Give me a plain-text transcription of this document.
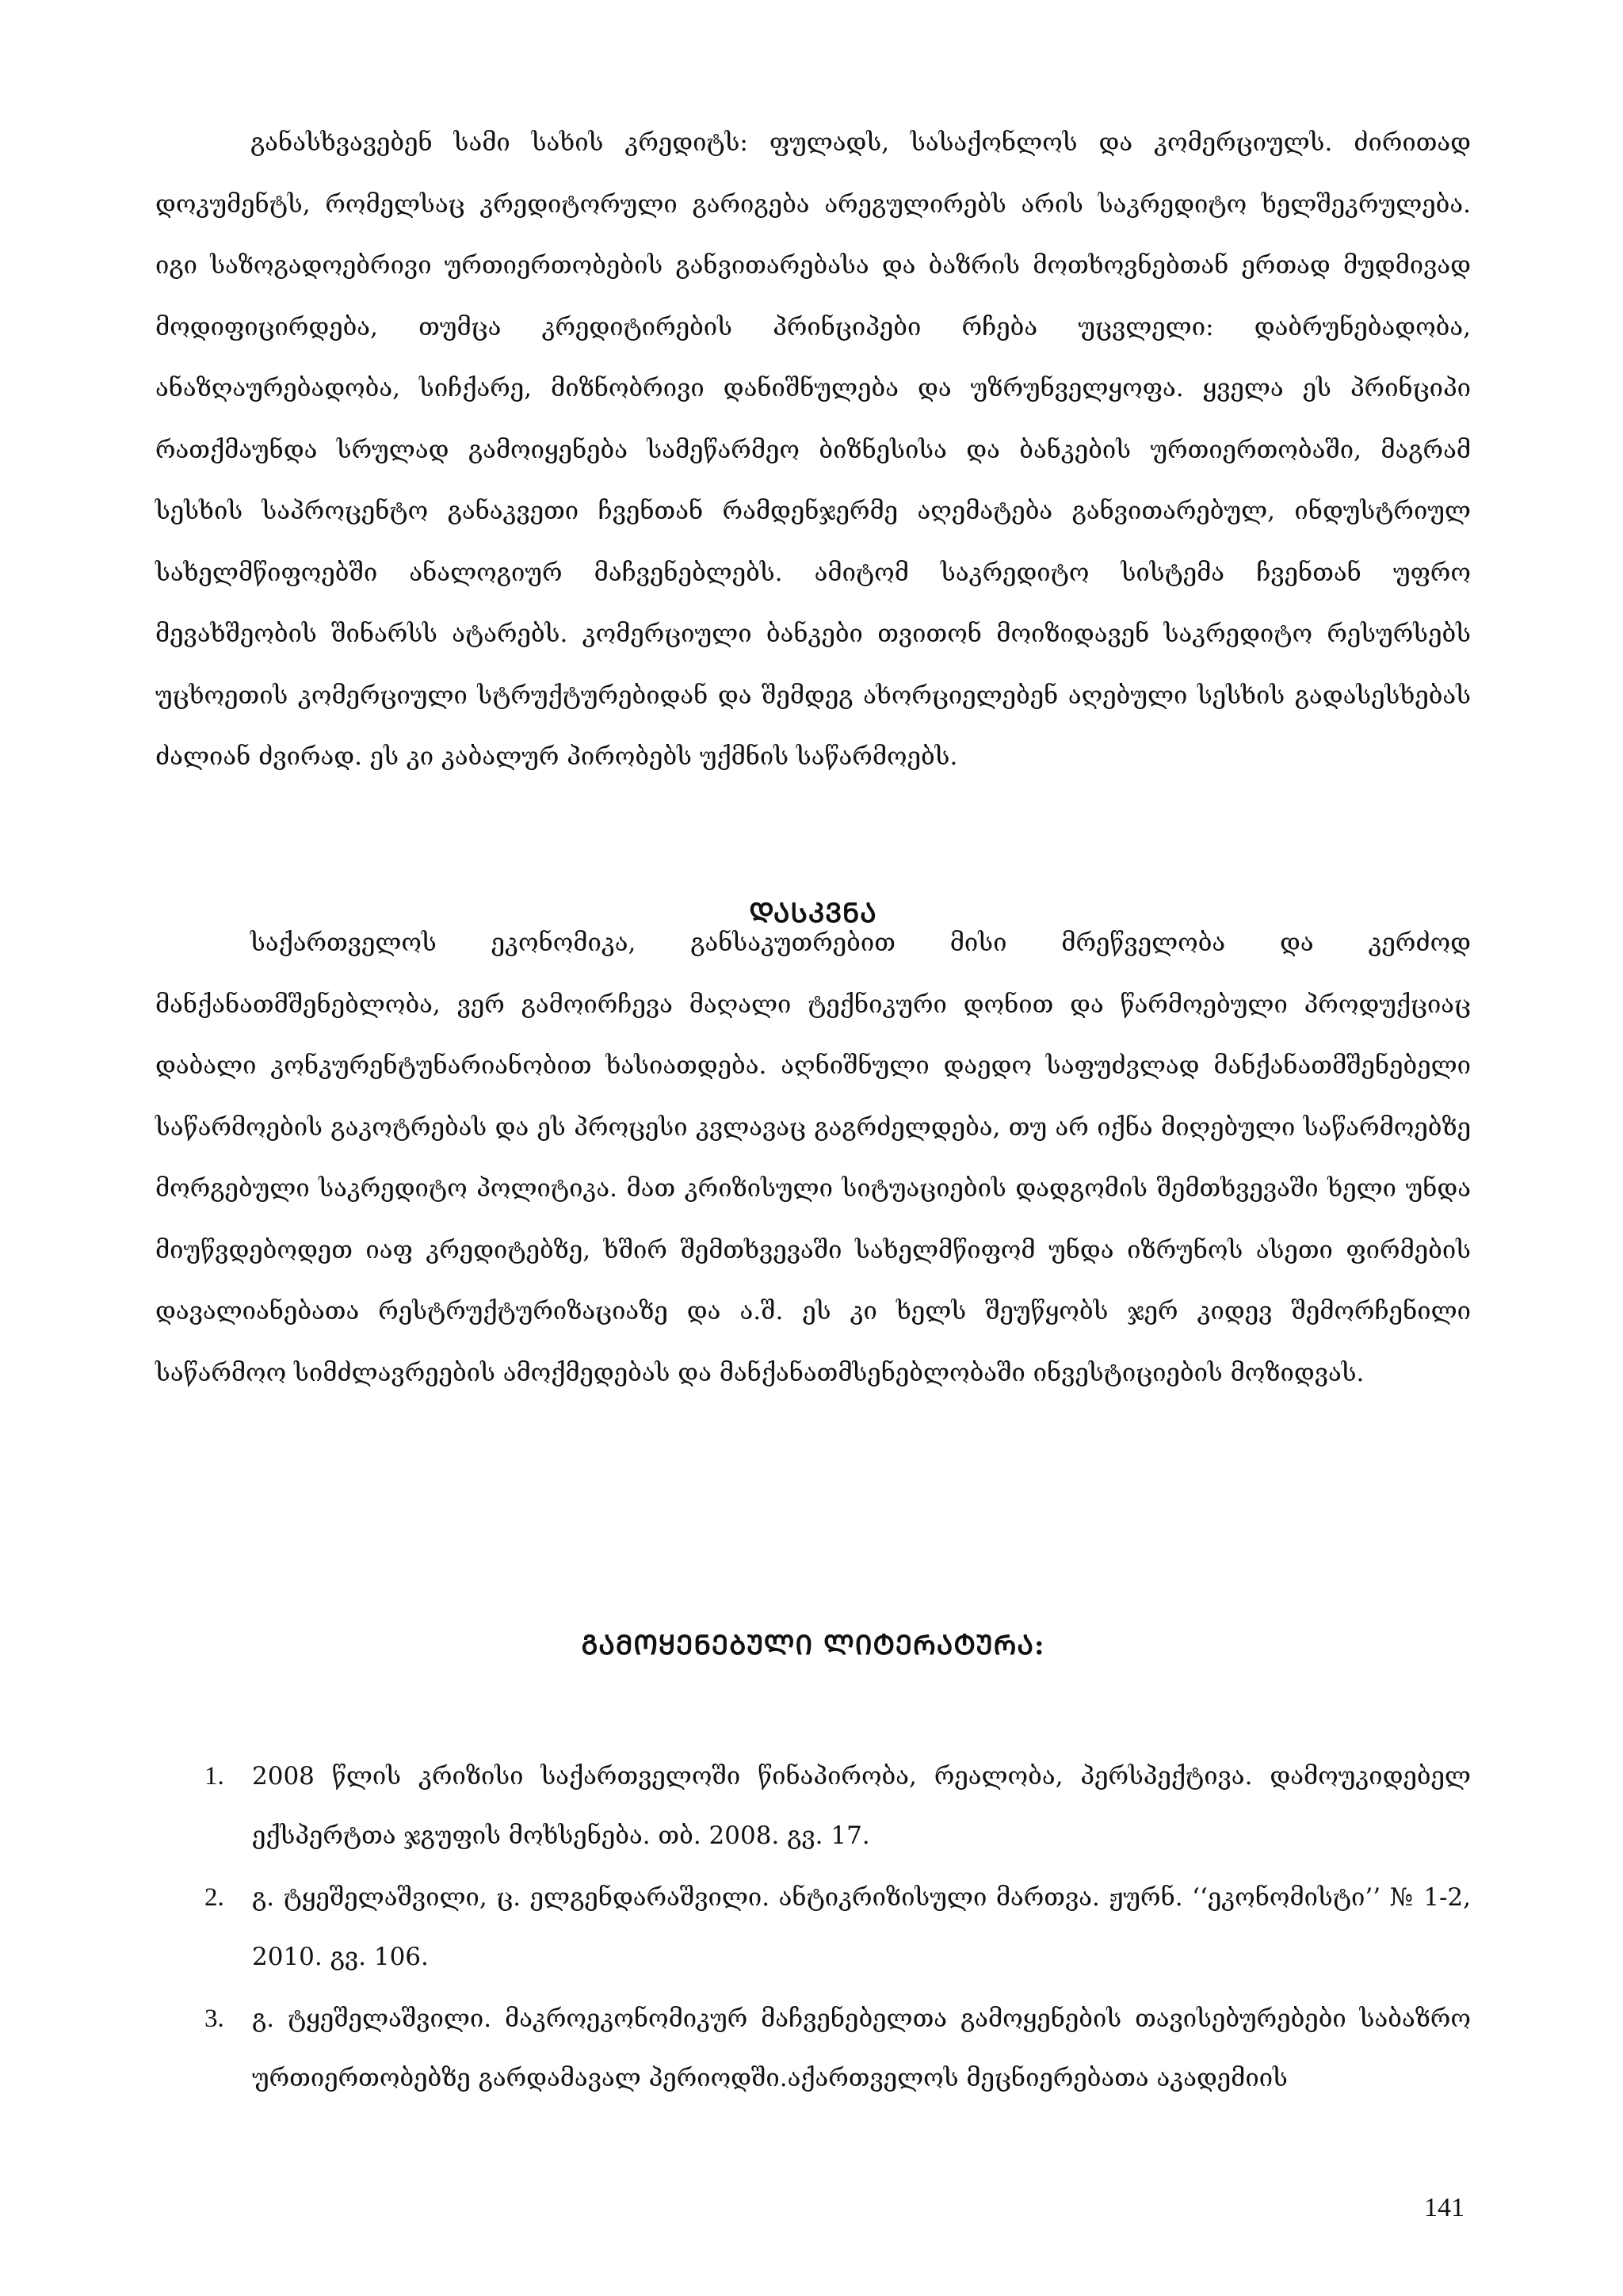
განასხვავებენ სამი სახის კრედიტს: ფულადს, სასაქონლოს და კომერციულს. ძირითად დოკუმენტს, რომელსაც კრედიტორული გარიგება არეგულირებს არის საკრედიტო ხელშეკრულება. იგი საზოგადოებრივი ურთიერთობების განვითარებასა და ბაზრის მოთხოვნებთან ერთად მუდმივად მოდიფიცირდება, თუმცა კრედიტირების პრინციპები რჩება უცვლელი: დაბრუნებადობა, ანაზღაურებადობა, სიჩქარე, მიზნობრივი დანიშნულება და უზრუნველყოფა. ყველა ეს პრინციპი რათქმაუნდა სრულად გამოიყენება სამეწარმეო ბიზნესისა და ბანკების ურთიერთობაში, მაგრამ სესხის საპროცენტო განაკვეთი ჩვენთან რამდენჯერმე აღემატება განვითარებულ, ინდუსტრიულ სახელმწიფოებში ანალოგიურ მაჩვენებლებს. ამიტომ საკრედიტო სისტემა ჩვენთან უფრო მევახშეობის შინარსს ატარებს. კომერციული ბანკები თვითონ მოიზიდავენ საკრედიტო რესურსებს უცხოეთის კომერციული სტრუქტურებიდან და შემდეგ ახორციელებენ აღებული სესხის გადასესხებას ძალიან ძვირად. ეს კი კაბალურ პირობებს უქმნის საწარმოებს.
ᲓᲐᲡᲙᲕᲜᲐ
საქართველოს ეკონომიკა, განსაკუთრებით მისი მრეწველობა და კერძოდ მანქანათმშენებლობა, ვერ გამოირჩევა მაღალი ტექნიკური დონით და წარმოებული პროდუქციაც დაბალი კონკურენტუნარიანობით ხასიათდება. აღნიშნული დაედო საფუძვლად მანქანათმშენებელი საწარმოების გაკოტრებას და ეს პროცესი კვლავაც გაგრძელდება, თუ არ იქნა მიღებული საწარმოებზე მორგებული საკრედიტო პოლიტიკა. მათ კრიზისული სიტუაციების დადგომის შემთხვევაში ხელი უნდა მიუწვდებოდეთ იაფ კრედიტებზე, ხშირ შემთხვევაში სახელმწიფომ უნდა იზრუნოს ასეთი ფირმების დავალიანებათა რესტრუქტურიზაციაზე და ა.შ. ეს კი ხელს შეუწყობს ჯერ კიდევ შემორჩენილი საწარმოო სიმძლავრეების ამოქმედებას და მანქანათმსენებლობაში ინვესტიციების მოზიდვას.
ᲒᲐᲛᲝᲧᲔᲜᲔᲑᲣᲚᲘ ᲚᲘᲢᲔᲠᲐᲢᲣᲠᲐ:
1. 2008 წლის კრიზისი საქართველოში წინაპირობა, რეალობა, პერსპექტივა. დამოუკიდებელ ექსპერტთა ჯგუფის მოხსენება. თბ. 2008. გვ. 17.
2. გ. ტყეშელაშვილი, ც. ელგენდარაშვილი. ანტიკრიზისული მართვა. ჟურნ. ‘‘ეკონომისტი’’ № 1-2, 2010. გვ. 106.
3. გ. ტყეშელაშვილი. მაკროეკონომიკურ მაჩვენებელთა გამოყენების თავისებურებები საბაზრო ურთიერთობებზე გარდამავალ პერიოდში.აქართველოს მეცნიერებათა აკადემიის
141
